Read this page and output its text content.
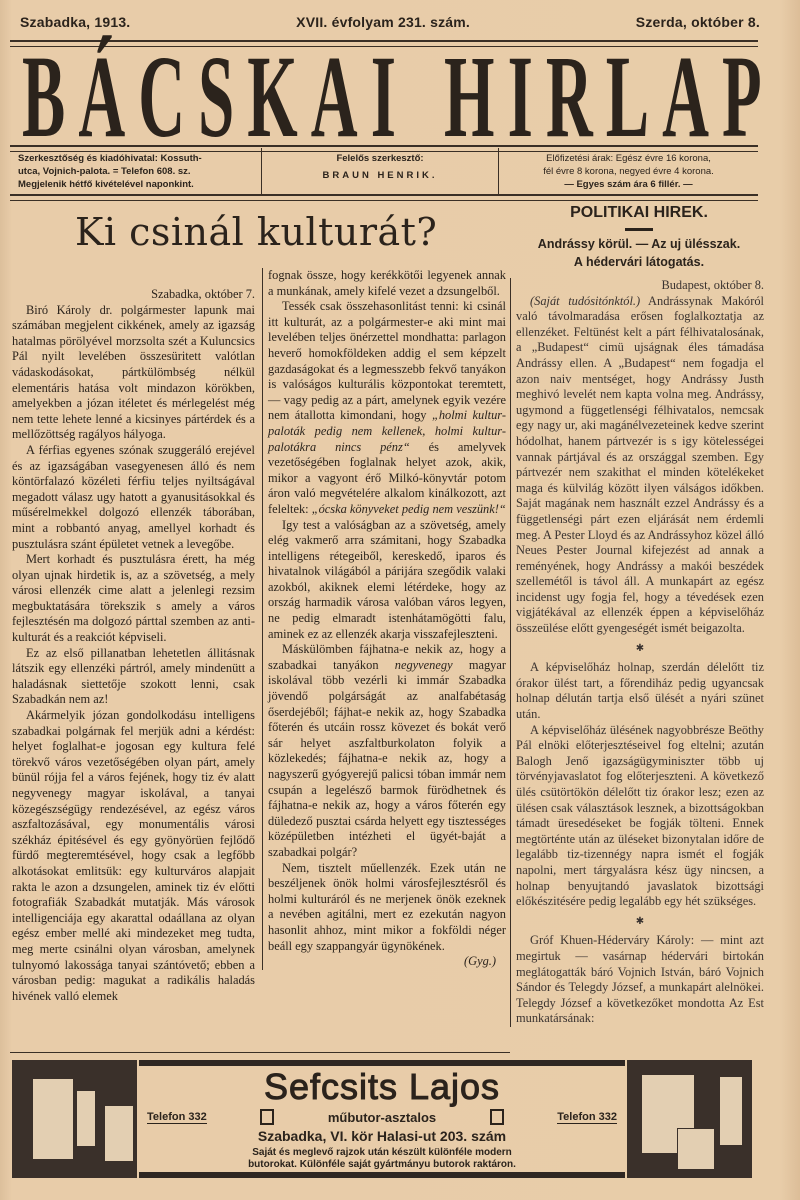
Szabadka, 1913.	XVII. évfolyam 231. szám.	Szerda, október 8.
B Á C S K A I H I R L A P
Szerkesztőség és kiadóhivatal: Kossuth-
utca, Vojnich-palota. = Telefon 608. sz.
Megjelenik hétfő kivételével naponkint.
Felelős szerkesztő:
BRAUN HENRIK.
Előfizetési árak: Egész évre 16 korona,
fél évre 8 korona, negyed évre 4 korona.
— Egyes szám ára 6 fillér. —
Ki csinál kulturát?
Szabadka, október 7.

Biró Károly dr. polgármester lapunk mai számában megjelent cikkének, amely az igazság hatalmas pörölyével morzsolta szét a Kuluncsics Pál nyilt levelében összesüritett valótlan vádaskodásokat, pártkülömbség nélkül elementáris hatása volt mindazon körökben, amelyekben a józan itéletet és mérlegelést még nem tette lehete lenné a kicsinyes pártérdek és a mellőzöttség ragályos hályoga.

A férfias egyenes szónak szuggeráló erejével és az igazságában vasegyenesen álló és nem köntörfalazó közéleti férfiu teljes nyiltságával megadott válasz ugy hatott a gyanusitásokkal és műsérelmekkel dolgozó ellenzék táborában, mint a robbantó anyag, amellyel korhadt és pusztulásra szánt épületet vetnek a levegőbe.

Mert korhadt és pusztulásra érett, ha még olyan ujnak hirdetik is, az a szövetség, a mely városi ellenzék cime alatt a jelenlegi rezsim megbuktatására törekszik s amely a város fejlesztésén ma dolgozó párttal szemben az anti-kulturát és a reakciót képviseli.

Ez az első pillanatban lehetetlen állitásnak látszik egy ellenzéki pártról, amely mindenütt a haladásnak siettetője szokott lenni, csak Szabadkán nem az!

Akármelyik józan gondolkodásu intelligens szabadkai polgárnak fel merjük adni a kérdést: helyet foglalhat-e jogosan egy kultura felé törekvő város vezetőségében olyan párt, amely bünül rójja fel a város fejének, hogy tiz év alatt negyvenegy magyar iskolával, a tanyai közegészségügy rendezésével, az egész város aszfaltozásával, egy monumentális városi székház épitésével és egy gyönyörüen fejlődő fürdő megteremtésével, hogy csak a legfőbb alkotásokat emlitsük: egy kulturváros alapjait rakta le azon a dzsungelen, aminek tiz év előtti fotografiák Szabadkát mutatják. Más városok intelligenciája egy akarattal odaállana az olyan egész ember mellé aki mindezeket meg tudta, meg merte csinálni olyan városban, amelynek tulnyomó lakossága tanyai szántóvető; ebben a városban pedig: magukat a radikális haladás hivének valló elemek

fognak össze, hogy kerékkötői legyenek annak a munkának, amely kifelé vezet a dzsungelből.

Tessék csak összehasonlitást tenni: ki csinál itt kulturát, az a polgármester-e aki mint mai levelében teljes önérzettel mondhatta: parlagon heverő homokföldeken addig el sem képzelt gazdaságokat és a legmesszebb fekvő tanyákon is valóságos kulturális központokat teremtett, — vagy pedig az a párt, amelynek egyik vezére nem átallotta kimondani, hogy „holmi kultur-paloták pedig nem kellenek, holmi kultur-palotákra nincs pénz“ és amelyvek vezetőségében foglalnak helyet azok, akik, mikor a vagyont érő Milkó-könyvtár potom áron való megvételére alkalom kinálkozott, azt feleltek: „ócska könyveket pedig nem veszünk!“

Igy test a valóságban az a szövetség, amely elég vakmerő arra számitani, hogy Szabadka intelligens rétegeiből, kereskedő, iparos és hivatalnok világából a párijára szegődik valaki azokból, akiknek elemi létérdeke, hogy az ország harmadik városa valóban város legyen, ne pedig elmaradt istenhátamögötti falu, aminek ez az ellenzék akarja visszafejleszteni.

Máskülömben fájhatna-e nekik az, hogy a szabadkai tanyákon negyvenegy magyar iskolával több vezérli ki immár Szabadka jövendő polgárságát az analfabétaság őserdejéből; fájhat-e nekik az, hogy Szabadka főterén és utcáin rossz kövezet és bokát verő sár helyet aszfaltburkolaton folyik a közlekedés; fájhatna-e nekik az, hogy a nagyszerű gyógyerejű palicsi tóban immár nem csupán a legelésző barmok fürödhetnek és fájhatna-e nekik az, hogy a város főterén egy düledező pusztai csárda helyett egy tisztességes középületben intézheti el ügyét-baját a szabadkai polgár?

Nem, tisztelt műellenzék. Ezek után ne beszéljenek önök holmi városfejlesztésről és holmi kulturáról és ne merjenek önök ezeknek a nevében agitálni, mert ez ezekután nagyon hasonlit ahhoz, mint mikor a fokföldi néger beáll egy szappangyár ügynökének.

(Gyg.)
POLITIKAI HIREK.
Andrássy körül. — Az uj ülésszak.
A hédervári látogatás.
Budapest, október 8.

(Saját tudósitónktól.) Andrássynak Makóról való távolmaradása erősen foglalkoztatja az ellenzéket. Feltünést kelt a párt félhivatalosának, a „Budapest“ cimü ujságnak éles támadása Andrássy ellen. A „Budapest“ nem fogadja el azon naiv mentséget, hogy Andrássy Justh meghivó levelét nem kapta volna meg. Andrássy, ugymond a függetlenségi félhivatalos, nemcsak egy nagy ur, aki magánélvezeteinek kedve szerint hódolhat, hanem pártvezér is s igy kötelességei vannak pártjával és az országgal szemben. Egy pártvezér nem szakithat el minden kötelékeket maga és külvilág között ilyen válságos időkben. Saját magának nem használt ezzel Andrássy és a függetlenségi párt ezen eljárását nem érdemli meg. A Pester Lloyd és az Andrássyhoz közel álló Neues Pester Journal kifejezést ad annak a reményének, hogy Andrássy a makói beszédek szellemétől is távol áll. A munkapárt az egész incidenst ugy fogja fel, hogy a tévedések ezen vigjátékával az ellenzék éppen a képviselőház összeülése előtt gyengeségét ismét beigazolta.

✱

A képviselőház holnap, szerdán délelőtt tiz órakor ülést tart, a főrendiház pedig ugyancsak holnap délután tartja első ülését a nyári szünet után.

A képviselőház ülésének nagyobbrésze Beöthy Pál elnöki előterjesztéseivel fog eltelni; azután Balogh Jenő igazságügyminiszter több uj törvényjavaslatot fog előterjeszteni. A következő ülés csütörtökön délelőtt tiz órakor lesz; ezen az ülésen csak választások lesznek, a bizottságokban támadt üresedéseket be fogják tölteni. Ennek megtörténte után az üléseket bizonytalan időre de legalább tiz-tizennégy napra ismét el fogják napolni, mert tárgyalásra kész ügy nincsen, a holnap benyujtandó javaslatok bizottsági előkészitésére pedig legalább egy hét szükséges.

✱

Gróf Khuen-Héderváry Károly: — mint azt megirtuk — vasárnap hédervári birtokán meglátogatták báró Vojnich István, báró Vojnich Sándor és Telegdy József, a munkapárt alelnökei. Telegdy József a következőket mondotta Az Est munkatársának:

Sefcsits Lajos
Telefon 332	műbutor-asztalos	Telefon 332
Szabadka, VI. kör Halasi-ut 203. szám
Saját és meglevő rajzok után készült különféle modern
butorokat. Különféle saját gyártmányu butorok raktáron.
